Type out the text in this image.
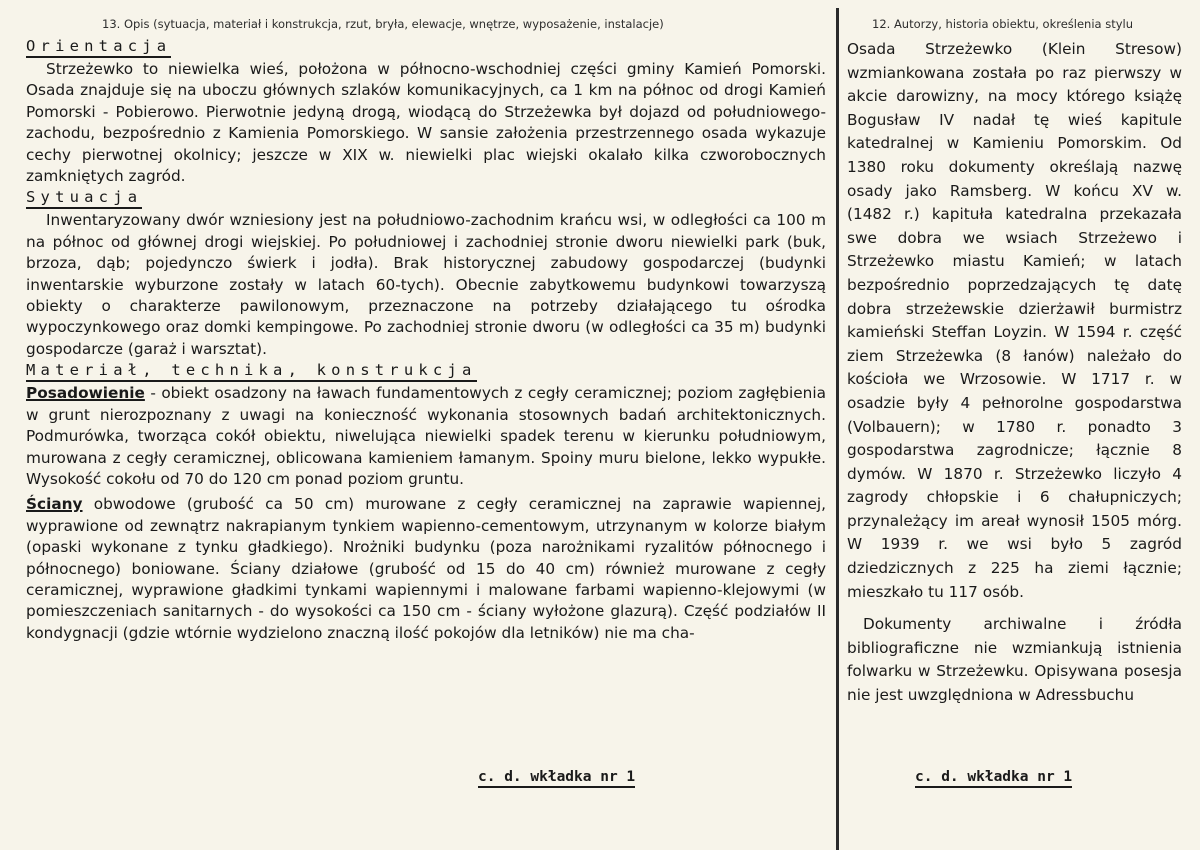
13. Opis (sytuacja, materiał i konstrukcja, rzut, bryła, elewacje, wnętrze, wyposażenie, instalacje)	12. Autorzy, historia obiektu, określenia stylu
Orientacja

Strzeżewko to niewielka wieś, położona w północno-wschodniej części gminy Kamień Pomorski. Osada znajduje się na uboczu głównych szlaków komunikacyjnych, ca 1 km na północ od drogi Kamień Pomorski - Pobierowo. Pierwotnie jedyną drogą, wiodącą do Strzeżewka był dojazd od południowego-zachodu, bezpośrednio z Kamienia Pomorskiego. W sansie założenia przestrzennego osada wykazuje cechy pierwotnej okolnicy; jeszcze w XIX w. niewielki plac wiejski okalało kilka czworobocznych zamkniętych zagród.

Sytuacja

Inwentaryzowany dwór wzniesiony jest na południowo-zachodnim krańcu wsi, w odległości ca 100 m na północ od głównej drogi wiejskiej. Po południowej i zachodniej stronie dworu niewielki park (buk, brzoza, dąb; pojedynczo świerk i jodła). Brak historycznej zabudowy gospodarczej (budynki inwentarskie wyburzone zostały w latach 60-tych). Obecnie zabytkowemu budynkowi towarzyszą obiekty o charakterze pawilonowym, przeznaczone na potrzeby działającego tu ośrodka wypoczynkowego oraz domki kempingowe. Po zachodniej stronie dworu (w odległości ca 35 m) budynki gospodarcze (garaż i warsztat).

Materiał, technika, konstrukcja

Posadowienie - obiekt osadzony na ławach fundamentowych z cegły ceramicznej; poziom zagłębienia w grunt nierozpoznany z uwagi na konieczność wykonania stosownych badań architektonicznych. Podmurówka, tworząca cokół obiektu, niwelująca niewielki spadek terenu w kierunku południowym, murowana z cegły ceramicznej, oblicowana kamieniem łamanym. Spoiny muru bielone, lekko wypukłe. Wysokość cokołu od 70 do 120 cm ponad poziom gruntu.

Ściany obwodowe (grubość ca 50 cm) murowane z cegły ceramicznej na zaprawie wapiennej, wyprawione od zewnątrz nakrapianym tynkiem wapienno-cementowym, utrzynanym w kolorze białym (opaski wykonane z tynku gładkiego). Nrożniki budynku (poza narożnikami ryzalitów północnego i północnego) boniowane. Ściany działowe (grubość od 15 do 40 cm) również murowane z cegły ceramicznej, wyprawione gładkimi tynkami wapiennymi i malowane farbami wapienno-klejowymi (w pomieszczeniach sanitarnych - do wysokości ca 150 cm - ściany wyłożone glazurą). Część podziałów II kondygnacji (gdzie wtórnie wydzielono znaczną ilość pokojów dla letników) nie ma cha-

c. d. wkładka nr 1

Osada Strzeżewko (Klein Stresow) wzmiankowana została po raz pierwszy w akcie darowizny, na mocy którego książę Bogusław IV nadał tę wieś kapitule katedralnej w Kamieniu Pomorskim. Od 1380 roku dokumenty określają nazwę osady jako Ramsberg. W końcu XV w. (1482 r.) kapituła katedralna przekazała swe dobra we wsiach Strzeżewo i Strzeżewko miastu Kamień; w latach bezpośrednio poprzedzających tę datę dobra strzeżewskie dzierżawił burmistrz kamieński Steffan Loyzin. W 1594 r. część ziem Strzeżewka (8 łanów) należało do kościoła we Wrzosowie. W 1717 r. w osadzie były 4 pełnorolne gospodarstwa (Volbauern); w 1780 r. ponadto 3 gospodarstwa zagrodnicze; łącznie 8 dymów. W 1870 r. Strzeżewko liczyło 4 zagrody chłopskie i 6 chałupniczych; przynależący im areał wynosił 1505 mórg. W 1939 r. we wsi było 5 zagród dziedzicznych z 225 ha ziemi łącznie; mieszkało tu 117 osób.

Dokumenty archiwalne i źródła bibliograficzne nie wzmiankują istnienia folwarku w Strzeżewku. Opisywana posesja nie jest uwzględniona w Adressbuchu

c. d. wkładka nr 1
